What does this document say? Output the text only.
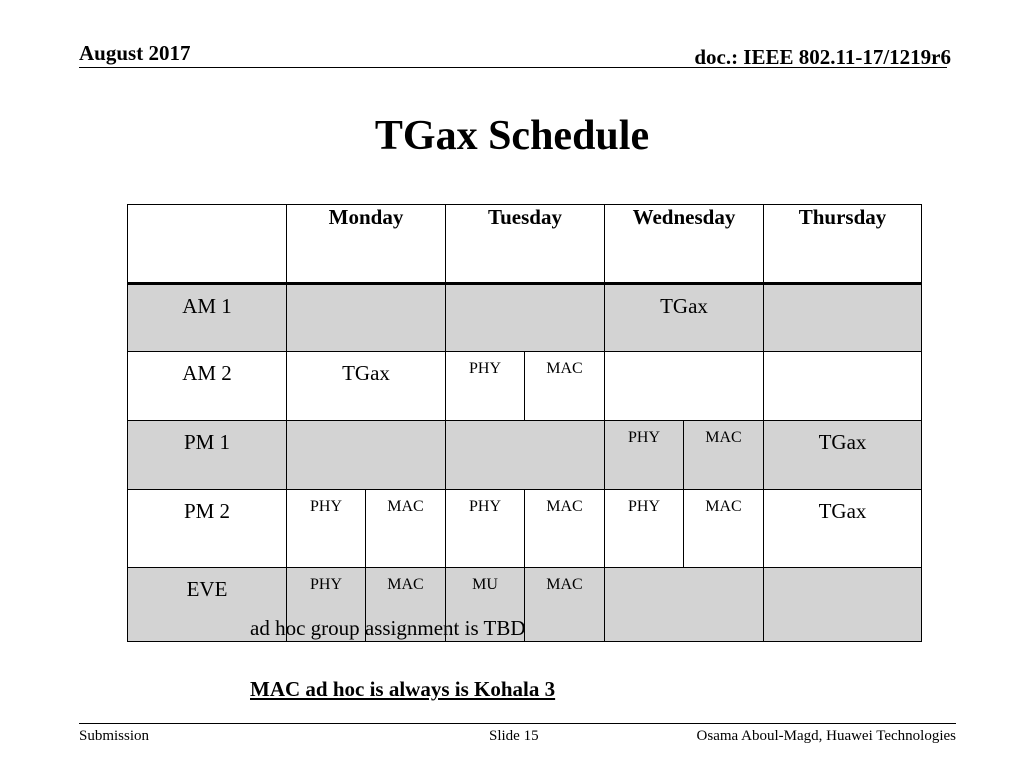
August 2017	doc.: IEEE 802.11-17/1219r6
TGax Schedule
	Monday		Tuesday		Wednesday		Thursday
AM 1					TGax		
AM 2	TGax		PHY	MAC			
PM 1					PHY	MAC	TGax
PM 2	PHY	MAC	PHY	MAC	PHY	MAC	TGax
EVE	PHY	MAC	MU	MAC			
ad hoc group assignment is TBD
MAC ad hoc is always is Kohala 3
Submission	Slide 15	Osama Aboul-Magd, Huawei Technologies
